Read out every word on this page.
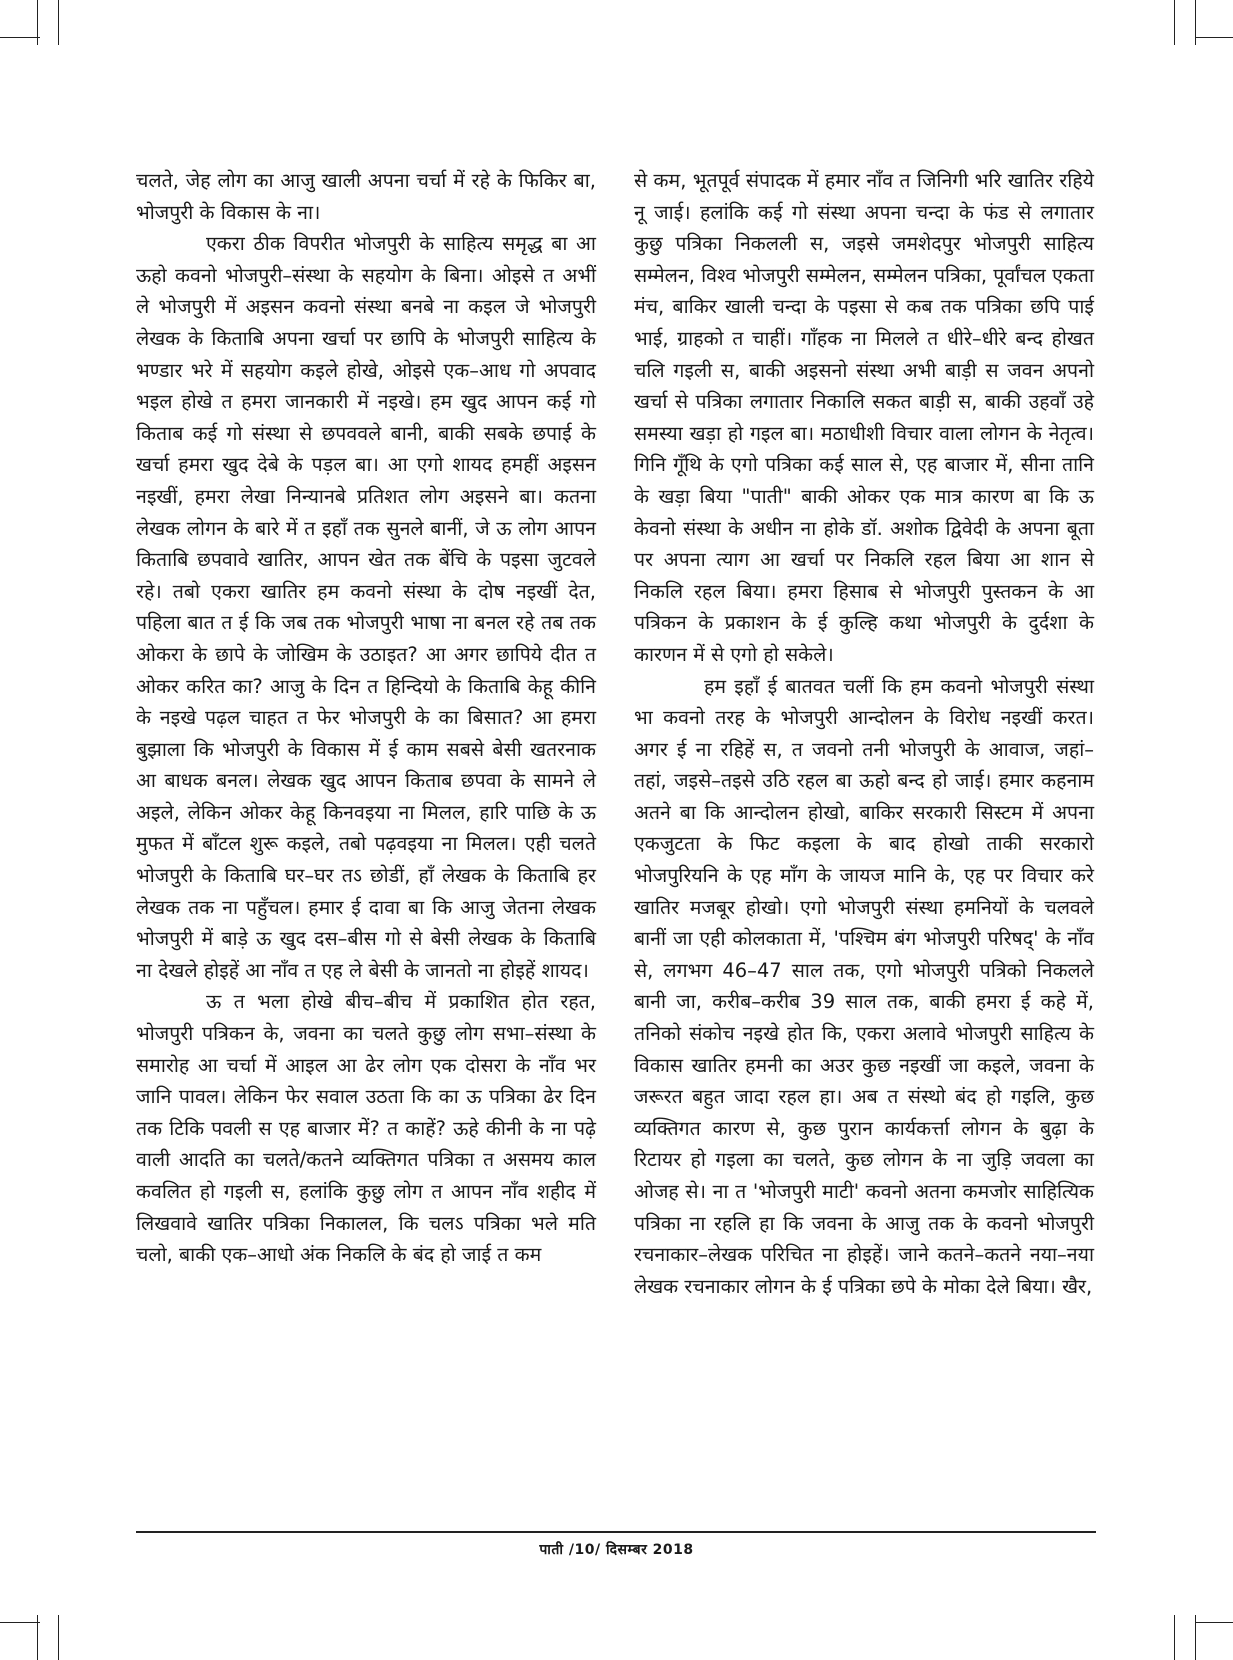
चलते, जेह लोग का आजु खाली अपना चर्चा में रहे के फिकिर बा, भोजपुरी के विकास के ना।

एकरा ठीक विपरीत भोजपुरी के साहित्य समृद्ध बा आ ऊहो कवनो भोजपुरी–संस्था के सहयोग के बिना। ओइसे त अभीं ले भोजपुरी में अइसन कवनो संस्था बनबे ना कइल जे भोजपुरी लेखक के किताबि अपना खर्चा पर छापि के भोजपुरी साहित्य के भण्डार भरे में सहयोग कइले होखे, ओइसे एक–आध गो अपवाद भइल होखे त हमरा जानकारी में नइखे। हम खुद आपन कई गो किताब कई गो संस्था से छपववले बानी, बाकी सबके छपाई के खर्चा हमरा खुद देबे के पड़ल बा। आ एगो शायद हमहीं अइसन नइखीं, हमरा लेखा निन्यानबे प्रतिशत लोग अइसने बा। कतना लेखक लोगन के बारे में त इहाँ तक सुनले बानीं, जे ऊ लोग आपन किताबि छपवावे खातिर, आपन खेत तक बेंचि के पइसा जुटवले रहे। तबो एकरा खातिर हम कवनो संस्था के दोष नइखीं देत, पहिला बात त ई कि जब तक भोजपुरी भाषा ना बनल रहे तब तक ओकरा के छापे के जोखिम के उठाइत? आ अगर छापिये दीत त ओकर करित का? आजु के दिन त हिन्दियो के किताबि केहू कीनि के नइखे पढ़ल चाहत त फेर भोजपुरी के का बिसात? आ हमरा बुझाला कि भोजपुरी के विकास में ई काम सबसे बेसी खतरनाक आ बाधक बनल। लेखक खुद आपन किताब छपवा के सामने ले अइले, लेकिन ओकर केहू किनवइया ना मिलल, हारि पाछि के ऊ मुफत में बाँटल शुरू कइले, तबो पढ़वइया ना मिलल। एही चलते भोजपुरी के किताबि घर–घर तऽ छोडीं, हाँ लेखक के किताबि हर लेखक तक ना पहुँचल। हमार ई दावा बा कि आजु जेतना लेखक भोजपुरी में बाड़े ऊ खुद दस–बीस गो से बेसी लेखक के किताबि ना देखले होइहें आ नाँव त एह ले बेसी के जानतो ना होइहें शायद।

ऊ त भला होखे बीच–बीच में प्रकाशित होत रहत, भोजपुरी पत्रिकन के, जवना का चलते कुछु लोग सभा–संस्था के समारोह आ चर्चा में आइल आ ढेर लोग एक दोसरा के नाँव भर जानि पावल। लेकिन फेर सवाल उठता कि का ऊ पत्रिका ढेर दिन तक टिकि पवली स एह बाजार में? त काहें? ऊहे कीनी के ना पढ़े वाली आदति का चलते/कतने व्यक्तिगत पत्रिका त असमय काल कवलित हो गइली स, हलांकि कुछु लोग त आपन नाँव शहीद में लिखवावे खातिर पत्रिका निकालल, कि चलऽ पत्रिका भले मति चलो, बाकी एक–आधो अंक निकलि के बंद हो जाई त कम

से कम, भूतपूर्व संपादक में हमार नाँव त जिनिगी भरि खातिर रहिये नू जाई। हलांकि कई गो संस्था अपना चन्दा के फंड से लगातार कुछु पत्रिका निकलली स, जइसे जमशेदपुर भोजपुरी साहित्य सम्मेलन, विश्व भोजपुरी सम्मेलन, सम्मेलन पत्रिका, पूर्वांचल एकता मंच, बाकिर खाली चन्दा के पइसा से कब तक पत्रिका छपि पाई भाई, ग्राहको त चाहीं। गाँहक ना मिलले त धीरे–धीरे बन्द होखत चलि गइली स, बाकी अइसनो संस्था अभी बाड़ी स जवन अपनो खर्चा से पत्रिका लगातार निकालि सकत बाड़ी स, बाकी उहवाँ उहे समस्या खड़ा हो गइल बा। मठाधीशी विचार वाला लोगन के नेतृत्व। गिनि गूँथि के एगो पत्रिका कई साल से, एह बाजार में, सीना तानि के खड़ा बिया "पाती" बाकी ओकर एक मात्र कारण बा कि ऊ केवनो संस्था के अधीन ना होके डॉ. अशोक द्विवेदी के अपना बूता पर अपना त्याग आ खर्चा पर निकलि रहल बिया आ शान से निकलि रहल बिया। हमरा हिसाब से भोजपुरी पुस्तकन के आ पत्रिकन के प्रकाशन के ई कुल्हि कथा भोजपुरी के दुर्दशा के कारणन में से एगो हो सकेले।

हम इहाँ ई बातवत चलीं कि हम कवनो भोजपुरी संस्था भा कवनो तरह के भोजपुरी आन्दोलन के विरोध नइखीं करत। अगर ई ना रहिहें स, त जवनो तनी भोजपुरी के आवाज, जहां–तहां, जइसे–तइसे उठि रहल बा ऊहो बन्द हो जाई। हमार कहनाम अतने बा कि आन्दोलन होखो, बाकिर सरकारी सिस्टम में अपना एकजुटता के फिट कइला के बाद होखो ताकी सरकारो भोजपुरियनि के एह माँग के जायज मानि के, एह पर विचार करे खातिर मजबूर होखो। एगो भोजपुरी संस्था हमनियों के चलवले बानीं जा एही कोलकाता में, 'पश्चिम बंग भोजपुरी परिषद्' के नाँव से, लगभग 46–47 साल तक, एगो भोजपुरी पत्रिको निकलले बानी जा, करीब–करीब 39 साल तक, बाकी हमरा ई कहे में, तनिको संकोच नइखे होत कि, एकरा अलावे भोजपुरी साहित्य के विकास खातिर हमनी का अउर कुछ नइखीं जा कइले, जवना के जरूरत बहुत जादा रहल हा। अब त संस्थो बंद हो गइलि, कुछ व्यक्तिगत कारण से, कुछ पुरान कार्यकर्त्ता लोगन के बुढ़ा के रिटायर हो गइला का चलते, कुछ लोगन के ना जुड़ि जवला का ओजह से। ना त 'भोजपुरी माटी' कवनो अतना कमजोर साहित्यिक पत्रिका ना रहलि हा कि जवना के आजु तक के कवनो भोजपुरी रचनाकार–लेखक परिचित ना होइहें। जाने कतने–कतने नया–नया लेखक रचनाकार लोगन के ई पत्रिका छपे के मोका देले बिया। खैर,

पाती /10/ दिसम्बर 2018
